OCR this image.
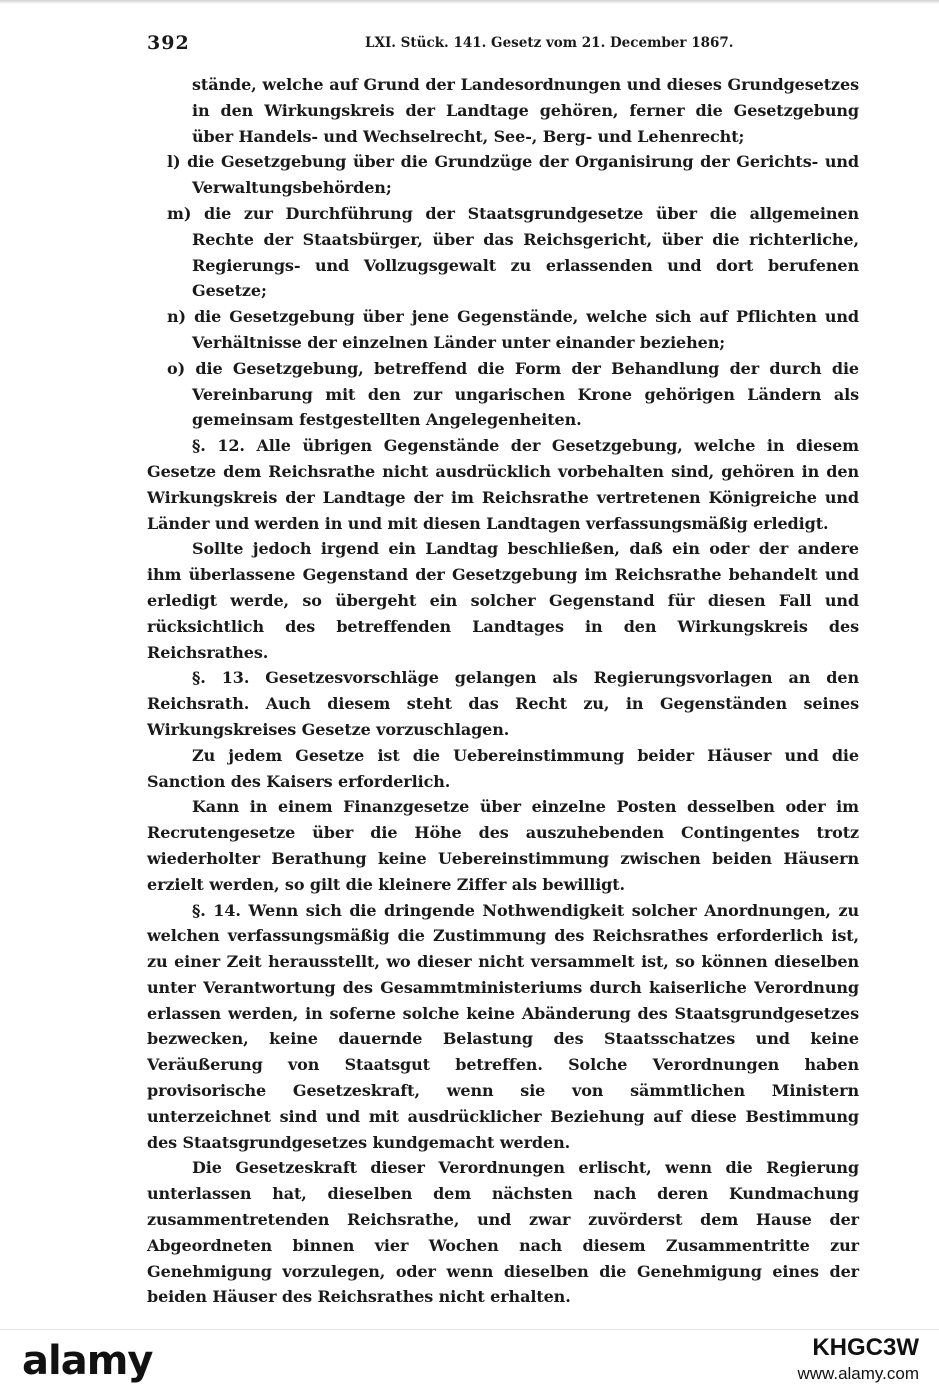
392	LXI. Stück. 141. Gesetz vom 21. December 1867.

stände, welche auf Grund der Landesordnungen und dieses Grundgesetzes in den Wirkungskreis der Landtage gehören, ferner die Gesetzgebung über Handels- und Wechselrecht, See-, Berg- und Lehenrecht;

l) die Gesetzgebung über die Grundzüge der Organisirung der Gerichts- und Verwaltungsbehörden;

m) die zur Durchführung der Staatsgrundgesetze über die allgemeinen Rechte der Staatsbürger, über das Reichsgericht, über die richterliche, Regierungs- und Vollzugsgewalt zu erlassenden und dort berufenen Gesetze;

n) die Gesetzgebung über jene Gegenstände, welche sich auf Pflichten und Verhältnisse der einzelnen Länder unter einander beziehen;

o) die Gesetzgebung, betreffend die Form der Behandlung der durch die Vereinbarung mit den zur ungarischen Krone gehörigen Ländern als gemeinsam festgestellten Angelegenheiten.

§. 12. Alle übrigen Gegenstände der Gesetzgebung, welche in diesem Gesetze dem Reichsrathe nicht ausdrücklich vorbehalten sind, gehören in den Wirkungskreis der Landtage der im Reichsrathe vertretenen Königreiche und Länder und werden in und mit diesen Landtagen verfassungsmäßig erledigt.

Sollte jedoch irgend ein Landtag beschließen, daß ein oder der andere ihm überlassene Gegenstand der Gesetzgebung im Reichsrathe behandelt und erledigt werde, so übergeht ein solcher Gegenstand für diesen Fall und rücksichtlich des betreffenden Landtages in den Wirkungskreis des Reichsrathes.

§. 13. Gesetzesvorschläge gelangen als Regierungsvorlagen an den Reichsrath. Auch diesem steht das Recht zu, in Gegenständen seines Wirkungskreises Gesetze vorzuschlagen.

Zu jedem Gesetze ist die Uebereinstimmung beider Häuser und die Sanction des Kaisers erforderlich.

Kann in einem Finanzgesetze über einzelne Posten desselben oder im Recrutengesetze über die Höhe des auszuhebenden Contingentes trotz wiederholter Berathung keine Uebereinstimmung zwischen beiden Häusern erzielt werden, so gilt die kleinere Ziffer als bewilligt.

§. 14. Wenn sich die dringende Nothwendigkeit solcher Anordnungen, zu welchen verfassungsmäßig die Zustimmung des Reichsrathes erforderlich ist, zu einer Zeit herausstellt, wo dieser nicht versammelt ist, so können dieselben unter Verantwortung des Gesammtministeriums durch kaiserliche Verordnung erlassen werden, in soferne solche keine Abänderung des Staatsgrundgesetzes bezwecken, keine dauernde Belastung des Staatsschatzes und keine Veräußerung von Staatsgut betreffen. Solche Verordnungen haben provisorische Gesetzeskraft, wenn sie von sämmtlichen Ministern unterzeichnet sind und mit ausdrücklicher Beziehung auf diese Bestimmung des Staatsgrundgesetzes kundgemacht werden.

Die Gesetzeskraft dieser Verordnungen erlischt, wenn die Regierung unterlassen hat, dieselben dem nächsten nach deren Kundmachung zusammentretenden Reichsrathe, und zwar zuvörderst dem Hause der Abgeordneten binnen vier Wochen nach diesem Zusammentritte zur Genehmigung vorzulegen, oder wenn dieselben die Genehmigung eines der beiden Häuser des Reichsrathes nicht erhalten.

alamy	KHGC3W
www.alamy.com
